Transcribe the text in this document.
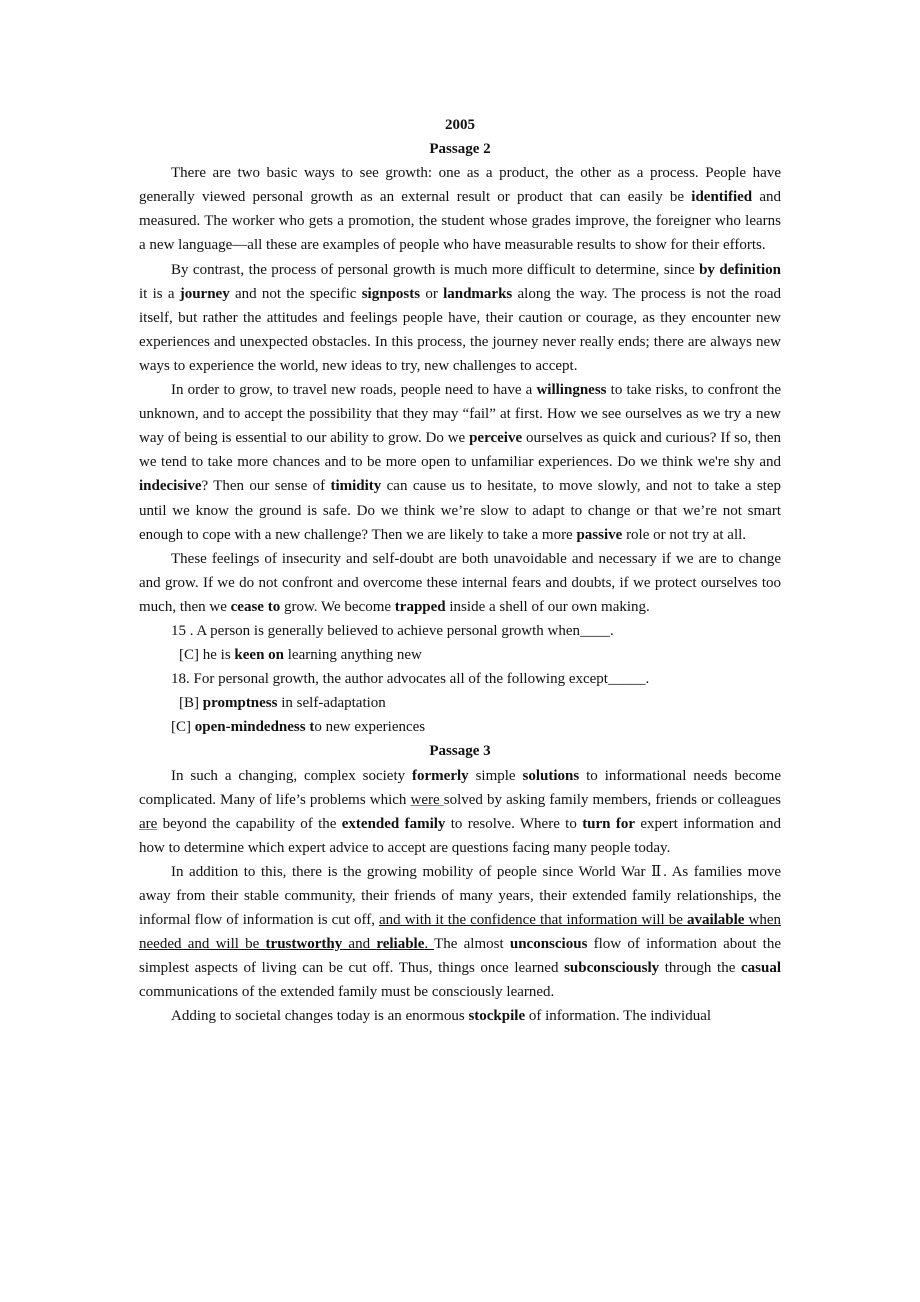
2005
Passage 2

There are two basic ways to see growth: one as a product, the other as a process. People have generally viewed personal growth as an external result or product that can easily be identified and measured. The worker who gets a promotion, the student whose grades improve, the foreigner who learns a new language—all these are examples of people who have measurable results to show for their efforts.

By contrast, the process of personal growth is much more difficult to determine, since by definition it is a journey and not the specific signposts or landmarks along the way. The process is not the road itself, but rather the attitudes and feelings people have, their caution or courage, as they encounter new experiences and unexpected obstacles. In this process, the journey never really ends; there are always new ways to experience the world, new ideas to try, new challenges to accept.

In order to grow, to travel new roads, people need to have a willingness to take risks, to confront the unknown, and to accept the possibility that they may “fail” at first. How we see ourselves as we try a new way of being is essential to our ability to grow. Do we perceive ourselves as quick and curious? If so, then we tend to take more chances and to be more open to unfamiliar experiences. Do we think we're shy and indecisive? Then our sense of timidity can cause us to hesitate, to move slowly, and not to take a step until we know the ground is safe. Do we think we’re slow to adapt to change or that we’re not smart enough to cope with a new challenge? Then we are likely to take a more passive role or not try at all.

These feelings of insecurity and self-doubt are both unavoidable and necessary if we are to change and grow. If we do not confront and overcome these internal fears and doubts, if we protect ourselves too much, then we cease to grow. We become trapped inside a shell of our own making.

15 . A person is generally believed to achieve personal growth when____.

[C] he is keen on learning anything new

18. For personal growth, the author advocates all of the following except_____.

[B] promptness in self-adaptation

[C] open-mindedness to new experiences

Passage 3

In such a changing, complex society formerly simple solutions to informational needs become complicated. Many of life’s problems which were solved by asking family members, friends or colleagues are beyond the capability of the extended family to resolve. Where to turn for expert information and how to determine which expert advice to accept are questions facing many people today.

In addition to this, there is the growing mobility of people since World War Ⅱ. As families move away from their stable community, their friends of many years, their extended family relationships, the informal flow of information is cut off, and with it the confidence that information will be available when needed and will be trustworthy and reliable. The almost unconscious flow of information about the simplest aspects of living can be cut off. Thus, things once learned subconsciously through the casual communications of the extended family must be consciously learned.

Adding to societal changes today is an enormous stockpile of information. The individual
